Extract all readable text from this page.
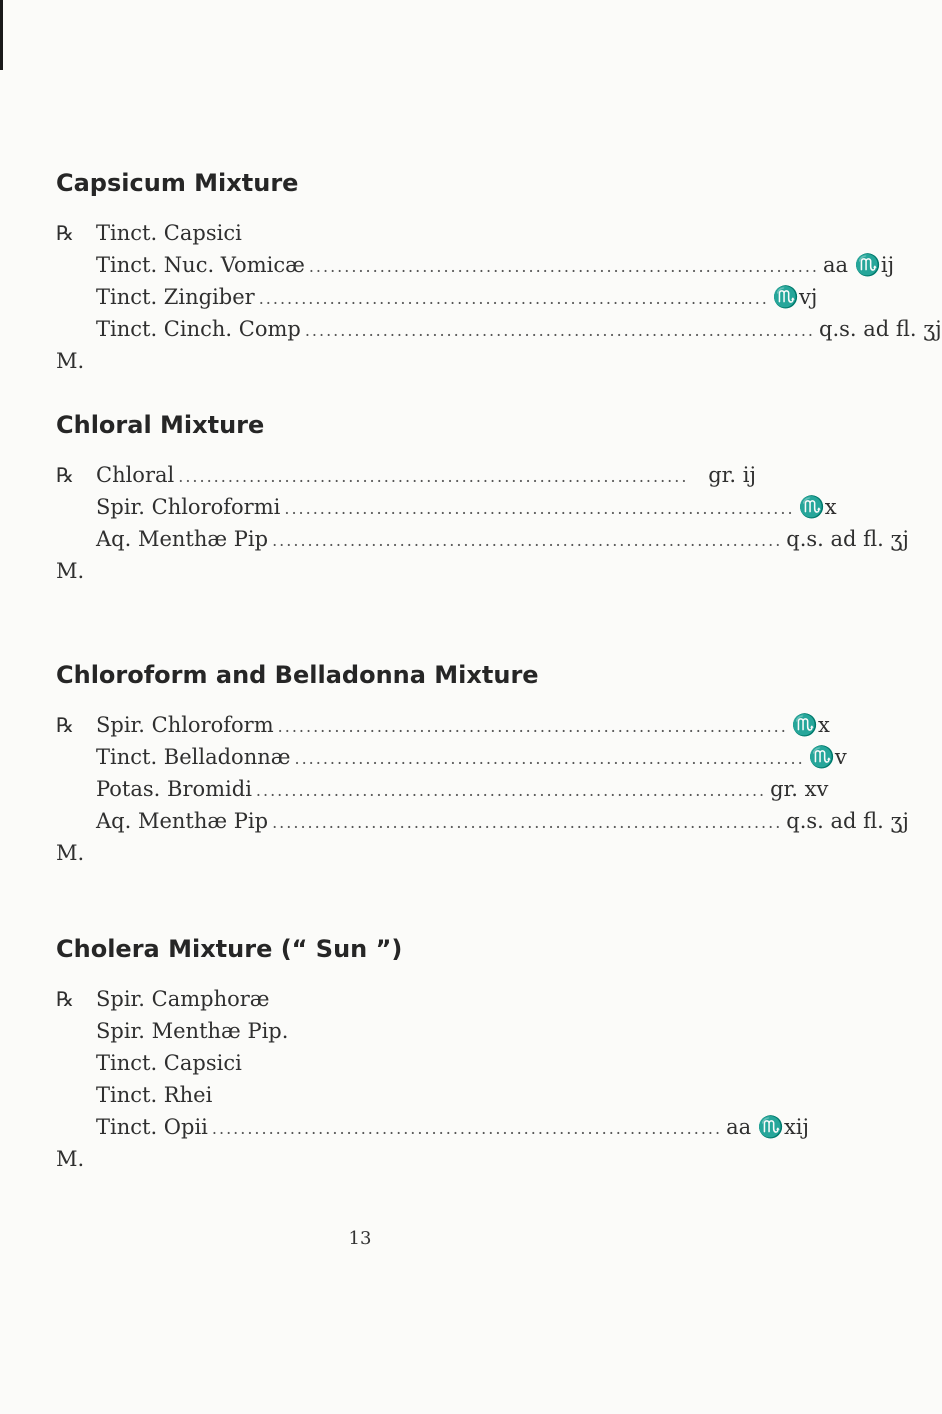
Capsicum Mixture
℞ Tinct. Capsici
Tinct. Nuc. Vomicæ ........................................................................ aa ♏ij
Tinct. Zingiber ........................................................................ ♏vj
Tinct. Cinch. Comp ........................................................................ q.s. ad fl. ʒj
M.
Chloral Mixture
℞ Chloral ........................................................................ gr. ij
Spir. Chloroformi ........................................................................ ♏x
Aq. Menthæ Pip ........................................................................ q.s. ad fl. ʒj
M.
Chloroform and Belladonna Mixture
℞ Spir. Chloroform ........................................................................ ♏x
Tinct. Belladonnæ ........................................................................ ♏v
Potas. Bromidi ........................................................................ gr. xv
Aq. Menthæ Pip ........................................................................ q.s. ad fl. ʒj
M.
Cholera Mixture (“ Sun ”)
℞ Spir. Camphoræ
Spir. Menthæ Pip.
Tinct. Capsici
Tinct. Rhei
Tinct. Opii ........................................................................ aa ♏xij
M.
13
